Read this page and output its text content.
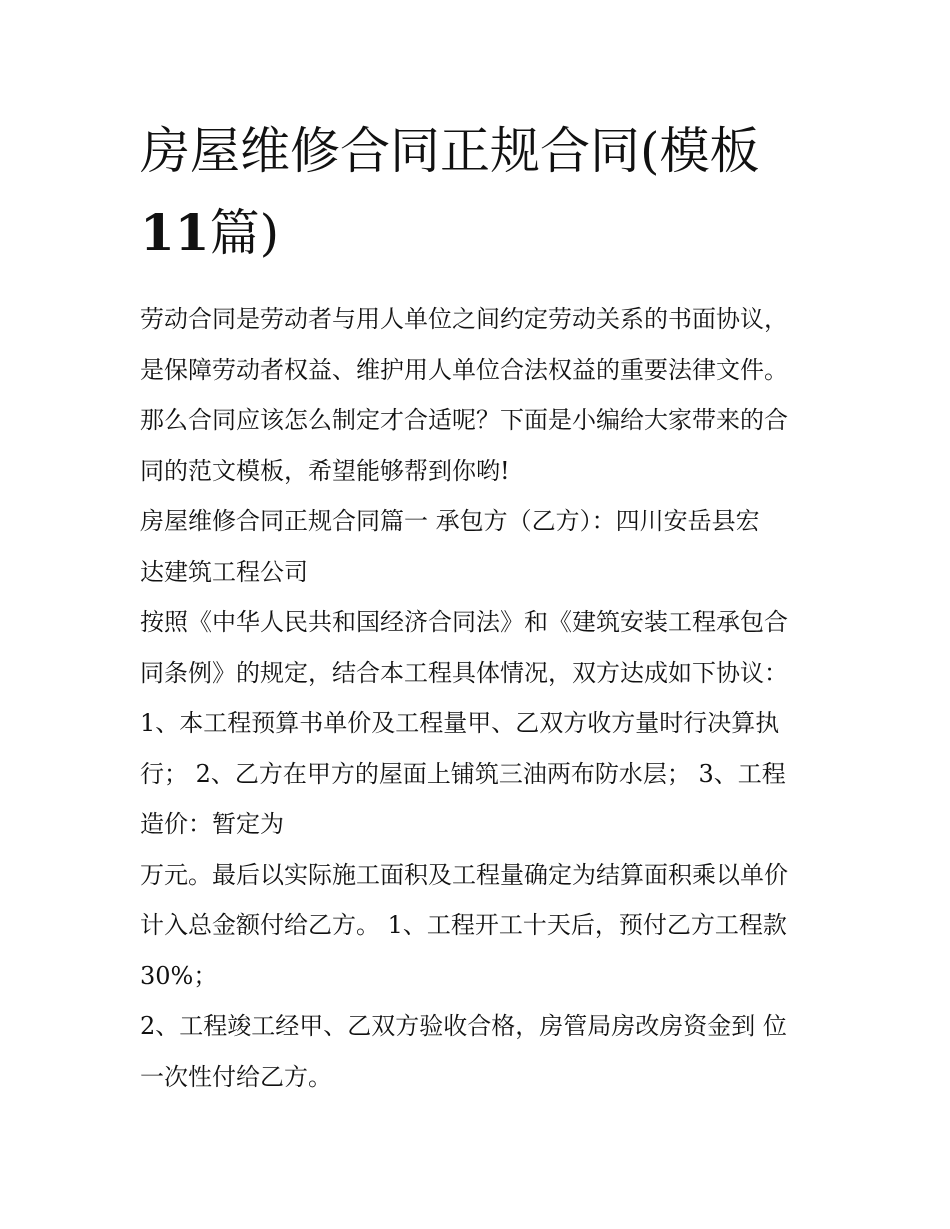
房屋维修合同正规合同(模板
11篇)

劳动合同是劳动者与用人单位之间约定劳动关系的书面协议，

是保障劳动者权益、维护用人单位合法权益的重要法律文件。

那么合同应该怎么制定才合适呢？下面是小编给大家带来的合

同的范文模板，希望能够帮到你哟!

房屋维修合同正规合同篇一 承包方（乙方）：四川安岳县宏

达建筑工程公司

按照《中华人民共和国经济合同法》和《建筑安装工程承包合

同条例》的规定，结合本工程具体情况，双方达成如下协议：

1、本工程预算书单价及工程量甲、乙双方收方量时行决算执

行； 2、乙方在甲方的屋面上铺筑三油两布防水层； 3、工程

造价：暂定为

万元。最后以实际施工面积及工程量确定为结算面积乘以单价

计入总金额付给乙方。 1、工程开工十天后，预付乙方工程款

30%；

2、工程竣工经甲、乙双方验收合格，房管局房改房资金到 位

一次性付给乙方。
